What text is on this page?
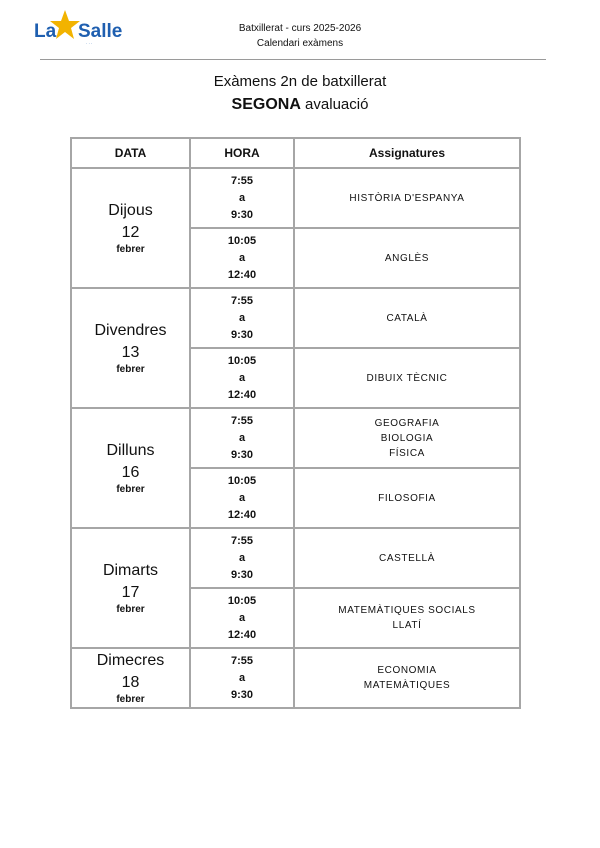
La Salle
· · ·
Batxillerat - curs 2025-2026
Calendari exàmens
Exàmens 2n de batxillerat
SEGONA avaluació
DATA	HORA	Assignatures

Dijous
12
febrer	7:55
a
9:30	HISTÒRIA D'ESPANYA

	10:05
a
12:40	ANGLÈS

Divendres
13
febrer	7:55
a
9:30	CATALÀ

	10:05
a
12:40	DIBUIX TÈCNIC

Dilluns
16
febrer	7:55
a
9:30	GEOGRAFIA
BIOLOGIA
FÍSICA

	10:05
a
12:40	FILOSOFIA

Dimarts
17
febrer	7:55
a
9:30	CASTELLÀ

	10:05
a
12:40	MATEMÀTIQUES SOCIALS
LLATÍ

Dimecres
18
febrer	7:55
a
9:30	ECONOMIA
MATEMÀTIQUES
